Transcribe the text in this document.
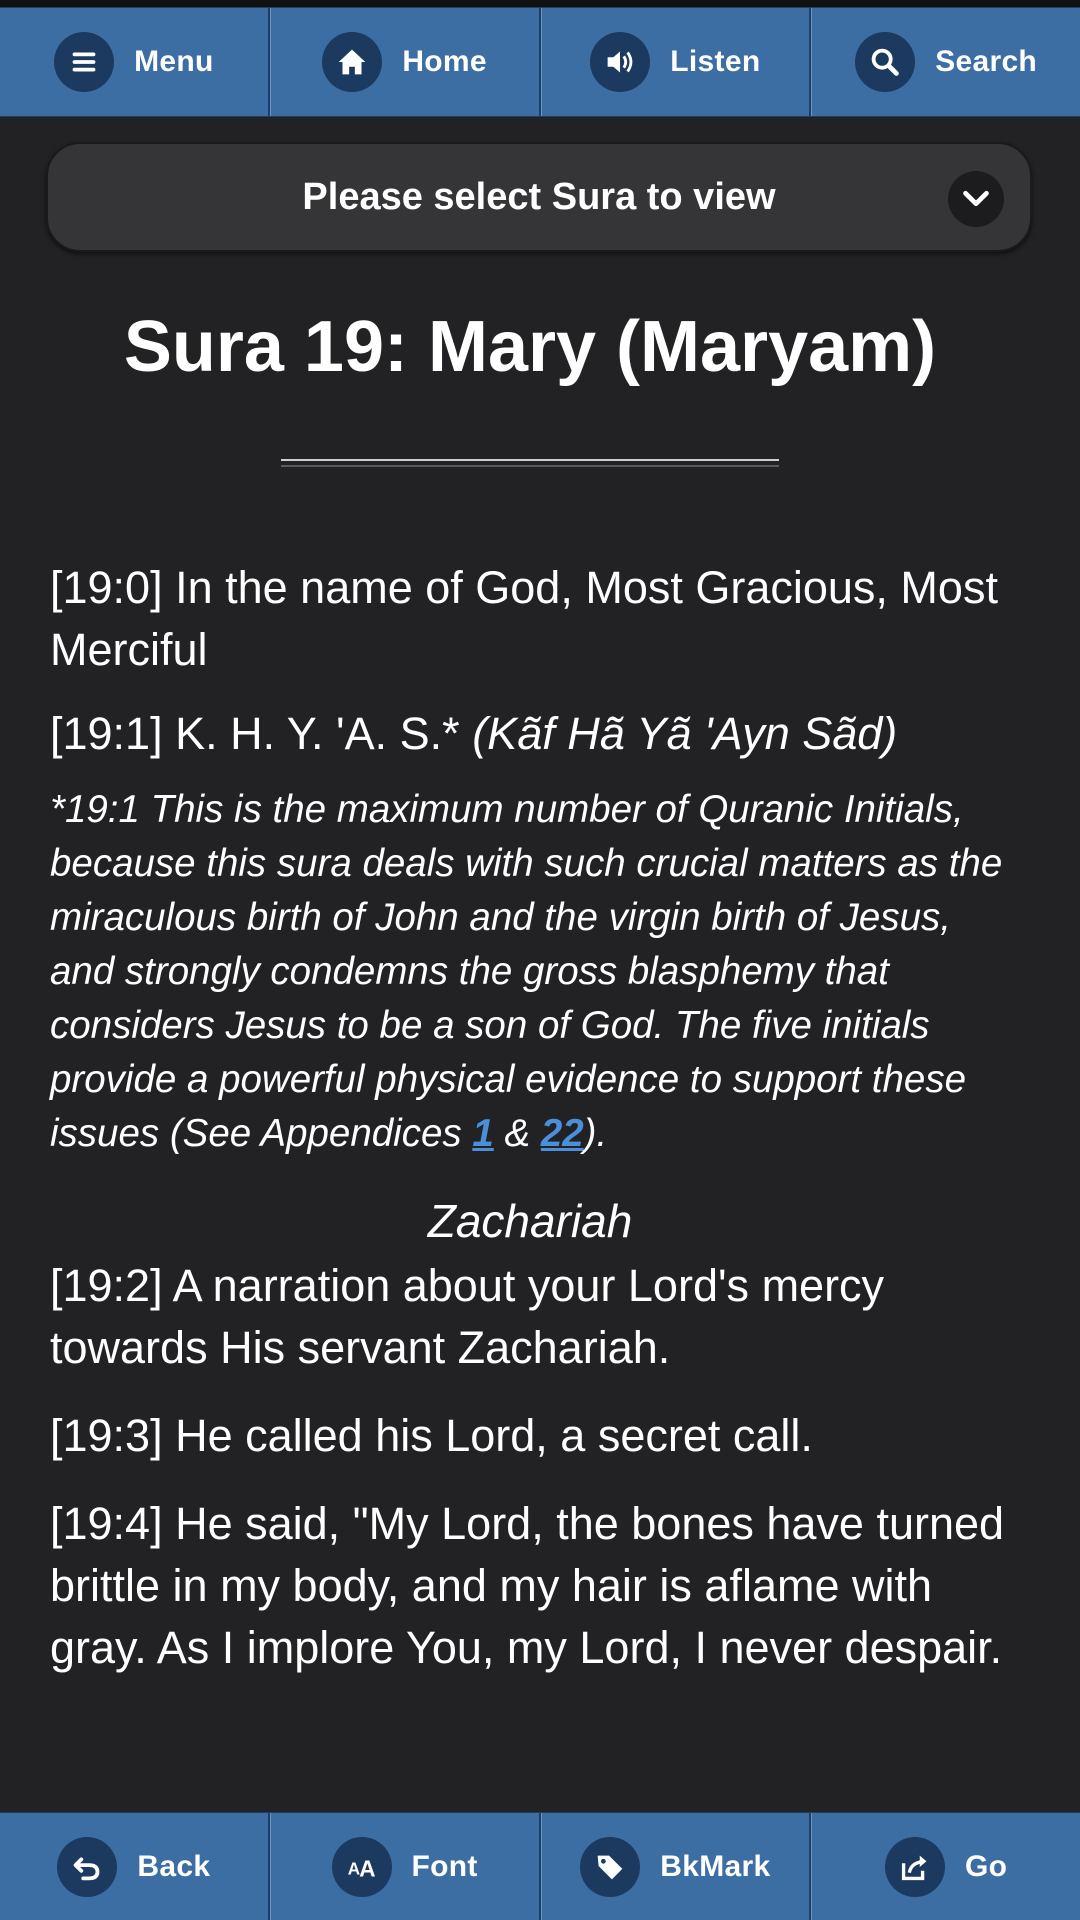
Menu	Home	Listen	Search
Please select Sura to view
Sura 19: Mary (Maryam)

[19:0] In the name of God, Most Gracious, Most Merciful

[19:1] K. H. Y. 'A. S.* (Kãf Hã Yã 'Ayn Sãd)

*19:1 This is the maximum number of Quranic Initials, because this sura deals with such crucial matters as the miraculous birth of John and the virgin birth of Jesus, and strongly condemns the gross blasphemy that considers Jesus to be a son of God. The five initials provide a powerful physical evidence to support these issues (See Appendices 1 & 22).
Zachariah

[19:2] A narration about your Lord's mercy towards His servant Zachariah.

[19:3] He called his Lord, a secret call.

[19:4] He said, "My Lord, the bones have turned brittle in my body, and my hair is aflame with gray. As I implore You, my Lord, I never despair.

Back	A A Font	BkMark	Go
